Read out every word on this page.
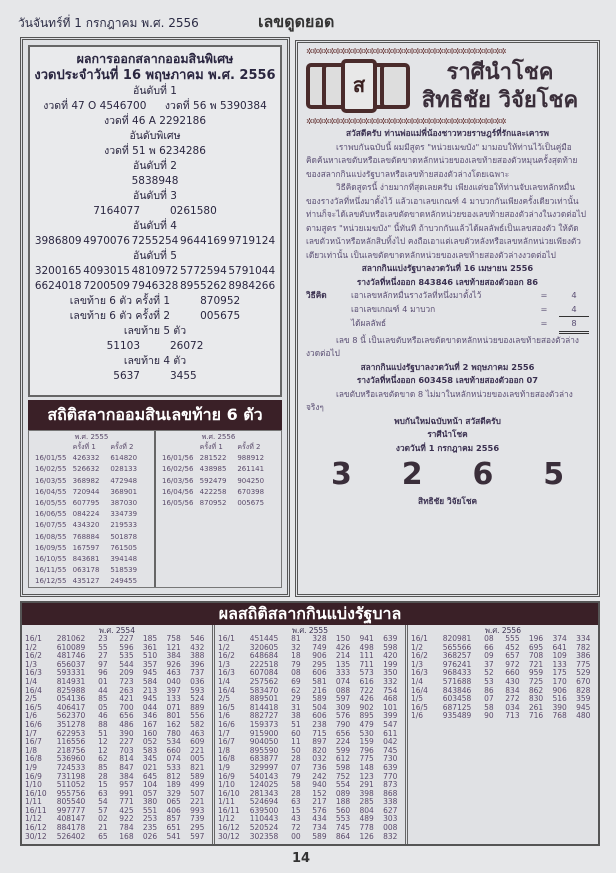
วันจันทร์ที่ 1 กรกฎาคม พ.ศ. 2556	เลขดูดยอด
ผลการออกสลากออมสินพิเศษ
งวดประจำวันที่ 16 พฤษภาคม พ.ศ. 2556
อันดับที่ 1
งวดที่ 47 O 4546700 งวดที่ 56 พ 5390384
งวดที่ 46 A 2292186
อันดับพิเศษ
งวดที่ 51 พ 6234286
อันดับที่ 2
5838948
อันดับที่ 3
7164077	0261580
อันดับที่ 4
3986809 4970076 7255254 9644169 9719124
อันดับที่ 5
3200165 4093015 4810972 5772594 5791044
6624018 7200509 7946328 8955262 8984266
เลขท้าย 6 ตัว ครั้งที่ 1	870952
เลขท้าย 6 ตัว ครั้งที่ 2	005675
เลขท้าย 5 ตัว
51103	26072
เลขท้าย 4 ตัว
5637	3455
สถิติสลากออมสินเลขท้าย 6 ตัว
พ.ศ. 2555
ครั้งที่ 1	ครั้งที่ 2
16/01/55 426332	614820
16/02/55 526632	028133
16/03/55 368982	472948
16/04/55 720944	368901
16/05/55 607795	387030
16/06/55 084224	334739
16/07/55 434320	219533
16/08/55 768884	501878
16/09/55 167597	761505
16/10/55 843681	394148
16/11/55 063178	518539
16/12/55 435127	249455
พ.ศ. 2556
ครั้งที่ 1	ครั้งที่ 2
16/01/56 281522	988912
16/02/56 438985	261141
16/03/56 592479	904250
16/04/56 422258	670398
16/05/56 870952	005675
✲✲✲✲✲✲✲✲✲✲✲✲✲✲✲✲✲✲✲✲✲✲✲✲✲✲✲✲✲✲✲✲✲✲✲
ส
ราศีนำโชค
สิทธิชัย วิจัยโชค
✲✲✲✲✲✲✲✲✲✲✲✲✲✲✲✲✲✲✲✲✲✲✲✲✲✲✲✲✲✲✲✲✲✲✲
สวัสดีครับ ท่านพ่อแม่พี่น้องชาวหวยราษฎร์ที่รักและเคารพ

เราพบกันฉบับนี้ ผมมีสูตร "หน่วยเมฆบัง" มามอบให้ท่านไว้เป็นคู่มือคิดค้นหาเลขตับหรือเลขตัดขาดหลักหน่วยของเลขท้ายสองตัวหมุนครั้งสุดท้ายของสลากกินแบ่งรัฐบาลหรือเลขท้ายสองตัวล่างโดยเฉพาะ

วิธีคิดสูตรนี้ ง่ายมากที่สุดเลยครับ เพียงแต่ขอให้ท่านจับเลขหลักหมื่นของรางวัลที่หนึ่งมาตั้งไว้ แล้วเอาเลขเกณฑ์ 4 มาบวกกันเพียงครั้งเดียวเท่านั้น ท่านก็จะได้เลขตับหรือเลขตัดขาดหลักหน่วยของเลขท้ายสองตัวล่างในงวดต่อไป ตามสูตร "หน่วยเมฆบัง" นี้ทันที ถ้าบวกกันแล้วได้ผลลัพธ์เป็นเลขสองตัว ให้ตัดเลขตัวหน้าหรือหลักสิบทิ้งไป คงถือเอาแต่เลขตัวหลังหรือเลขหลักหน่วยเพียงตัวเดียวเท่านั้น เป็นเลขตัดขาดหลักหน่วยของเลขท้ายสองตัวล่างงวดต่อไป

สลากกินแบ่งรัฐบาลงวดวันที่ 16 เมษายน 2556
รางวัลที่หนึ่งออก 843846 เลขท้ายสองตัวออก 86
วิธีคิด	เอาเลขหลักหมื่นรางวัลที่หนึ่งมาตั้งไว้	=	4
เอาเลขเกณฑ์ 4 มาบวก	=	4
ได้ผลลัพธ์	=	8

เลข 8 นี้ เป็นเลขตับหรือเลขตัดขาดหลักหน่วยของเลขท้ายสองตัวล่างงวดต่อไป

สลากกินแบ่งรัฐบาลงวดวันที่ 2 พฤษภาคม 2556
รางวัลที่หนึ่งออก 603458 เลขท้ายสองตัวออก 07

เลขตับหรือเลขตัดขาด 8 ไม่มาในหลักหน่วยของเลขท้ายสองตัวล่างจริงๆ

พบกันใหม่ฉบับหน้า สวัสดีครับ
ราศีนำโชค
งวดวันที่ 1 กรกฎาคม 2556
3 2 6 5
สิทธิชัย วิจัยโชค
ผลสถิติสลากกินแบ่งรัฐบาล
พ.ศ. 2554
16/1	281062	23	227	185	758	546
1/2	610089	55	596	361	121	432
16/2	481746	27	535	510	384	388
1/3	656037	97	544	357	926	396
16/3	593331	96	209	945	463	737
1/4	814931	01	723	584	040	036
16/4	825988	44	263	213	397	593
2/5	054136	85	421	945	133	524
16/5	406417	05	700	044	071	889
1/6	562370	46	656	346	801	556
16/6	351278	88	486	167	162	582
1/7	622953	51	390	160	780	463
16/7	116556	12	227	052	534	609
1/8	218756	12	703	583	660	221
16/8	536960	62	814	345	074	005
1/9	724533	85	847	021	533	821
16/9	731198	28	384	645	812	589
1/10	511052	15	957	104	189	499
16/10	955756	63	991	057	329	507
1/11	805540	54	771	380	065	221
16/11	997777	57	425	551	406	993
1/12	408147	02	922	253	857	739
16/12	884178	21	784	235	651	295
30/12	526402	65	168	026	541	597
พ.ศ. 2555
16/1	451445	81	328	150	941	639
1/2	320605	32	749	426	498	598
16/2	648684	18	906	214	111	420
1/3	222518	79	295	135	711	199
16/3	607084	08	606	333	573	350
1/4	257562	69	581	074	616	332
16/4	583470	62	216	088	722	754
2/5	889501	29	589	597	426	468
16/5	814418	31	504	309	902	101
1/6	882727	38	606	576	895	399
16/6	159373	51	238	790	479	547
1/7	915900	60	715	656	530	611
16/7	904050	11	897	224	159	042
1/8	895590	50	820	599	796	745
16/8	683877	28	032	612	775	730
1/9	329997	07	736	598	148	639
16/9	540143	79	242	752	123	770
1/10	124025	58	940	554	291	873
16/10	281343	28	152	089	398	868
1/11	524694	63	217	188	285	338
16/11	639500	15	576	560	804	627
1/12	110443	43	434	553	489	303
16/12	520524	72	734	745	778	008
30/12	302358	00	589	864	126	832
พ.ศ. 2556
16/1	820981	08	555	196	374	334
1/2	565566	66	452	695	641	782
16/2	368257	09	657	708	109	386
1/3	976241	37	972	721	133	775
16/3	968433	52	660	959	175	529
1/4	571688	53	430	725	170	670
16/4	843846	86	834	862	906	828
1/5	603458	07	272	830	516	359
16/5	687125	58	034	261	390	945
1/6	935489	90	713	716	768	480
14
